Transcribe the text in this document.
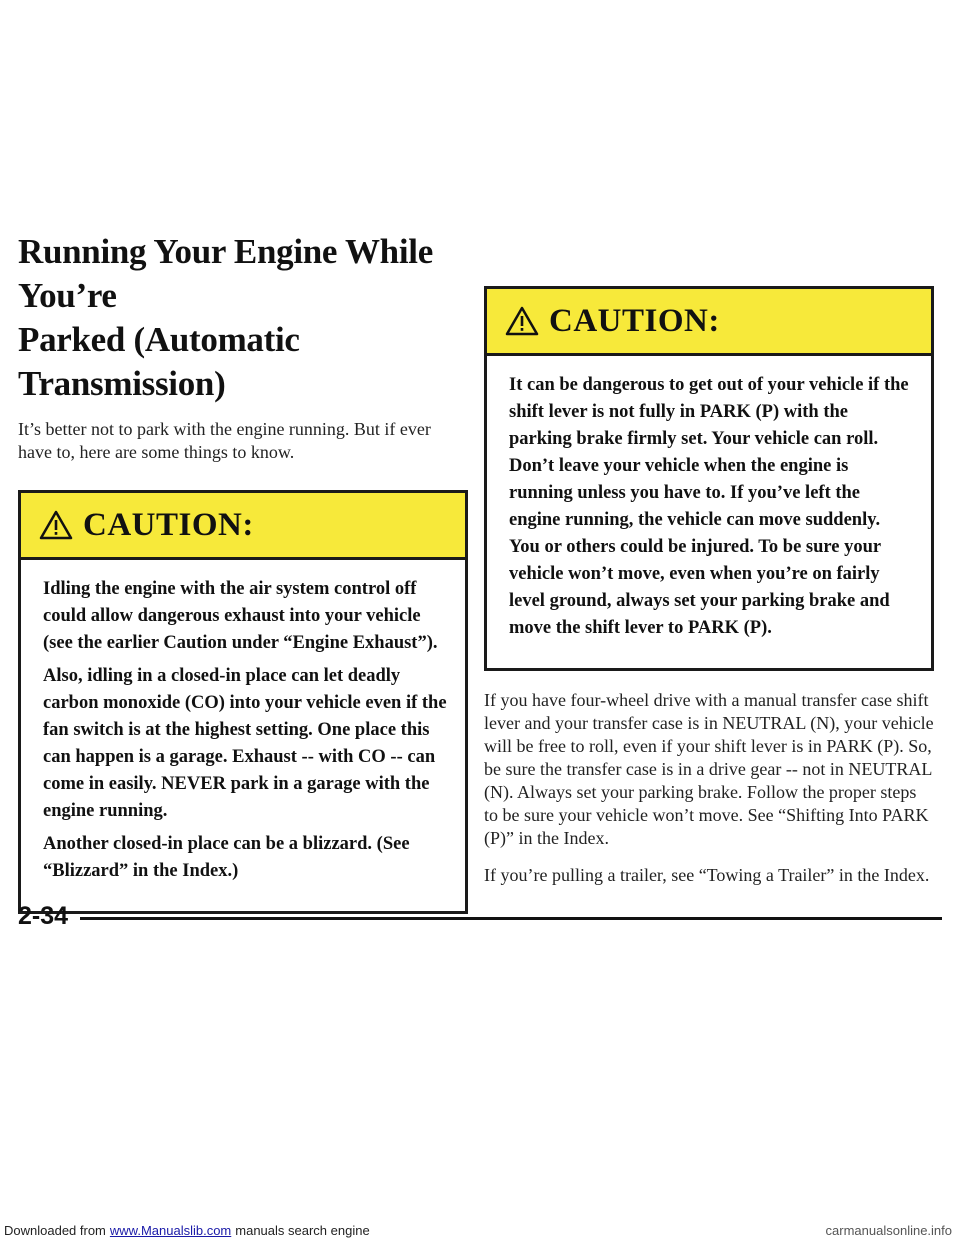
Running Your Engine While You’re
Parked (Automatic Transmission)

It’s better not to park with the engine running. But if ever have to, here are some things to know.

CAUTION:

Idling the engine with the air system control off could allow dangerous exhaust into your vehicle (see the earlier Caution under “Engine Exhaust”).

Also, idling in a closed-in place can let deadly carbon monoxide (CO) into your vehicle even if the fan switch is at the highest setting. One place this can happen is a garage. Exhaust -- with CO -- can come in easily. NEVER park in a garage with the engine running.

Another closed-in place can be a blizzard. (See “Blizzard” in the Index.)

CAUTION:

It can be dangerous to get out of your vehicle if the shift lever is not fully in PARK (P) with the parking brake firmly set. Your vehicle can roll. Don’t leave your vehicle when the engine is running unless you have to. If you’ve left the engine running, the vehicle can move suddenly. You or others could be injured. To be sure your vehicle won’t move, even when you’re on fairly level ground, always set your parking brake and move the shift lever to PARK (P).

If you have four-wheel drive with a manual transfer case shift lever and your transfer case is in NEUTRAL (N), your vehicle will be free to roll, even if your shift lever is in PARK (P). So, be sure the transfer case is in a drive gear -- not in NEUTRAL (N). Always set your parking brake. Follow the proper steps to be sure your vehicle won’t move. See “Shifting Into PARK (P)” in the Index.

If you’re pulling a trailer, see “Towing a Trailer” in the Index.

2-34
Downloaded from www.Manualslib.com manuals search engine	carmanualsonline.info
